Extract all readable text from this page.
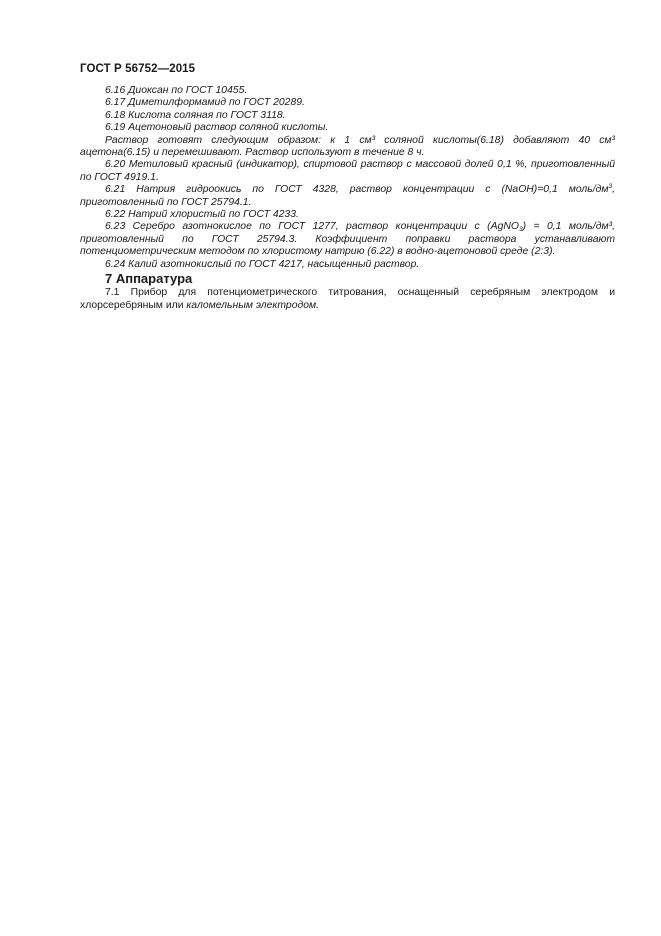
ГОСТ Р 56752—2015

6.16 Диоксан по ГОСТ 10455.

6.17 Диметилформамид по ГОСТ 20289.

6.18 Кислота соляная по ГОСТ 3118.

6.19 Ацетоновый раствор соляной кислоты.

Раствор готовят следующим образом: к 1 см³ соляной кислоты(6.18) добавляют 40 см³ ацетона(6.15) и перемешивают. Раствор используют в течение 8 ч.

6.20 Метиловый красный (индикатор), спиртовой раствор с массовой долей 0,1 %, приготовленный по ГОСТ 4919.1.

6.21 Натрия гидроокись по ГОСТ 4328, раствор концентрации с (NaOH)=0,1 моль/$дм^3$, приготовленный по ГОСТ 25794.1.

6.22 Натрий хлористый по ГОСТ 4233.

6.23 Серебро азотнокислое по ГОСТ 1277, раствор концентрации с (AgNO$_3$) = 0,1 моль/дм³, приготовленный по ГОСТ 25794.3. Коэффициент поправки раствора устанавливают потенциометрическим методом по хлористому натрию (6.22) в водно-ацетоновой среде (2:3).

6.24 Калий азотнокислый по ГОСТ 4217, насыщенный раствор.

7 Аппаратура

7.1 Прибор для потенциометрического титрования, оснащенный серебряным электродом и хлорсеребряным или каломельным электродом.
